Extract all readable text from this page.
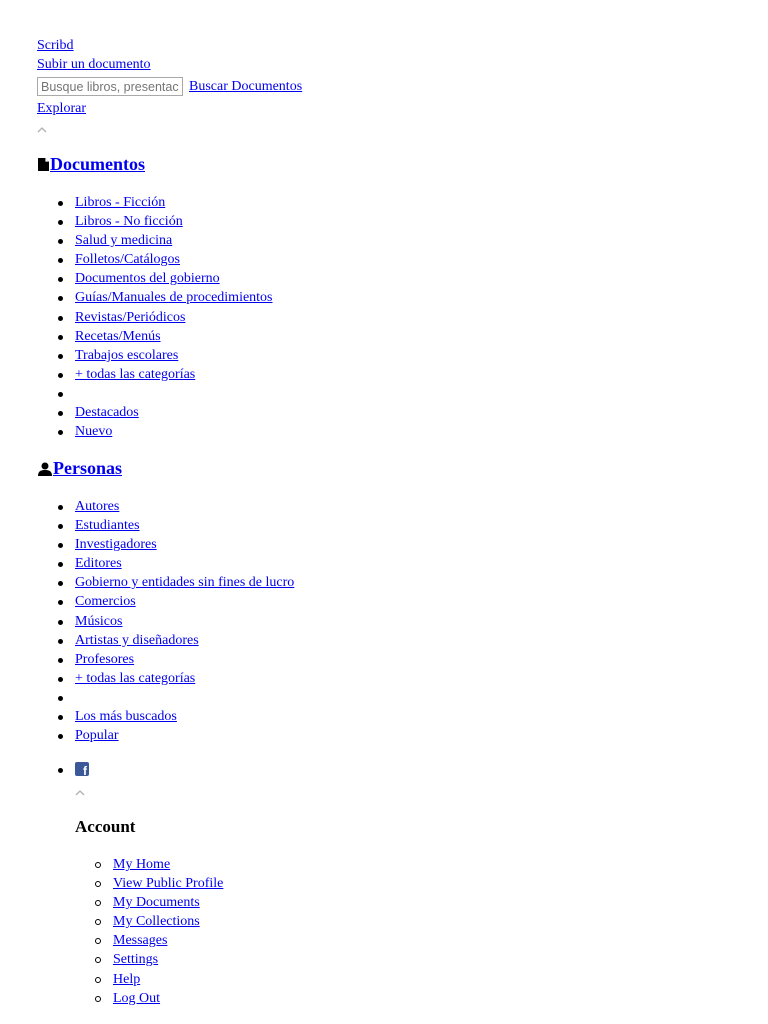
Scribd
Subir un documento
Busque libros, presentaciones, empresas, investigación y más.
Buscar Documentos
Explorar
Documentos
Libros - Ficción
Libros - No ficción
Salud y medicina
Folletos/Catálogos
Documentos del gobierno
Guías/Manuales de procedimientos
Revistas/Periódicos
Recetas/Menús
Trabajos escolares
+ todas las categorías
Destacados
Nuevo
Personas
Autores
Estudiantes
Investigadores
Editores
Gobierno y entidades sin fines de lucro
Comercios
Músicos
Artistas y diseñadores
Profesores
+ todas las categorías
Los más buscados
Popular
f
Account
My Home
View Public Profile
My Documents
My Collections
Messages
Settings
Help
Log Out
